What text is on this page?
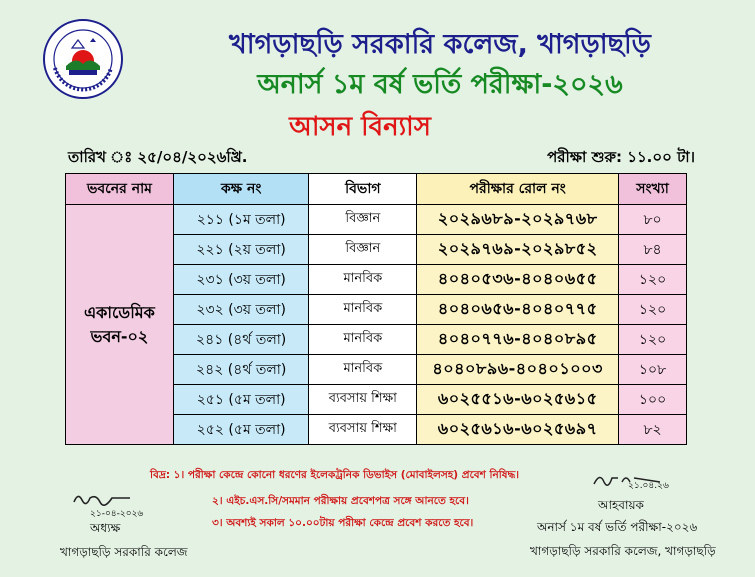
খাগড়াছড়ি সরকারি কলেজ, খাগড়াছড়ি
অনার্স ১ম বর্ষ ভর্তি পরীক্ষা-২০২৬
আসন বিন্যাস
তারিখ ঃ ২৫/০৪/২০২৬খ্রি.	পরীক্ষা শুরু: ১১.০০ টা।
ভবনের নাম	কক্ষ নং	বিভাগ	পরীক্ষার রোল নং	সংখ্যা

একাডেমিক
ভবন-০২	২১১ (১ম তলা)	বিজ্ঞান	২০২৯৬৮৯-২০২৯৭৬৮	৮০
	২২১ (২য় তলা)	বিজ্ঞান	২০২৯৭৬৯-২০২৯৮৫২	৮৪
	২৩১ (৩য় তলা)	মানবিক	৪০৪০৫৩৬-৪০৪০৬৫৫	১২০
	২৩২ (৩য় তলা)	মানবিক	৪০৪০৬৫৬-৪০৪০৭৭৫	১২০
	২৪১ (৪র্থ তলা)	মানবিক	৪০৪০৭৭৬-৪০৪০৮৯৫	১২০
	২৪২ (৪র্থ তলা)	মানবিক	৪০৪০৮৯৬-৪০৪০১০০৩	১০৮
	২৫১ (৫ম তলা)	ব্যবসায় শিক্ষা	৬০২৫৫১৬-৬০২৫৬১৫	১০০
	২৫২ (৫ম তলা)	ব্যবসায় শিক্ষা	৬০২৫৬১৬-৬০২৫৬৯৭	৮২
বিদ্র: ১। পরীক্ষা কেন্দ্রে কোনো ধরণের ইলেকট্রনিক ডিভাইস (মোবাইলসহ) প্রবেশ নিষিদ্ধ।
২। এইচ.এস.সি/সমমান পরীক্ষায় প্রবেশপত্র সঙ্গে আনতে হবে।
৩। অবশ্যই সকাল ১০.০০টায় পরীক্ষা কেন্দ্রে প্রবেশ করতে হবে।
২১-০৪-২০২৬
অধ্যক্ষ
খাগড়াছড়ি সরকারি কলেজ
২১.০৪.২৬
আহবায়ক
অনার্স ১ম বর্ষ ভর্তি পরীক্ষা-২০২৬
খাগড়াছড়ি সরকারি কলেজ, খাগড়াছড়ি
